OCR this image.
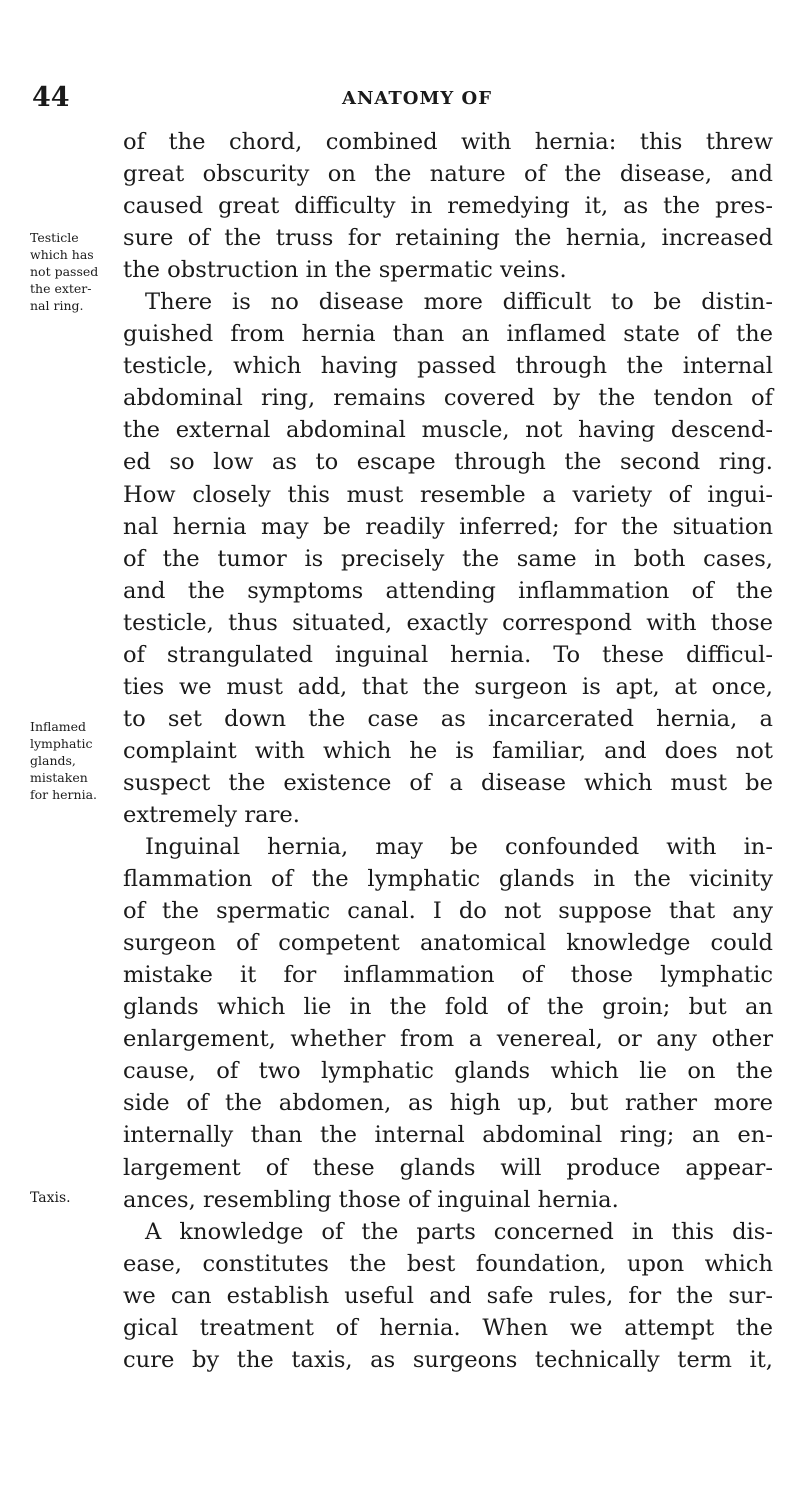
44	ANATOMY OF
Testicle
which has
not passed
the exter-
nal ring.
Inflamed
lymphatic
glands,
mistaken
for hernia.
Taxis.
of the chord, combined with hernia: this threw
great obscurity on the nature of the disease, and
caused great difficulty in remedying it, as the pres-
sure of the truss for retaining the hernia, increased
the obstruction in the spermatic veins.
There is no disease more difficult to be distin-
guished from hernia than an inflamed state of the
testicle, which having passed through the internal
abdominal ring, remains covered by the tendon of
the external abdominal muscle, not having descend-
ed so low as to escape through the second ring.
How closely this must resemble a variety of ingui-
nal hernia may be readily inferred; for the situation
of the tumor is precisely the same in both cases,
and the symptoms attending inflammation of the
testicle, thus situated, exactly correspond with those
of strangulated inguinal hernia. To these difficul-
ties we must add, that the surgeon is apt, at once,
to set down the case as incarcerated hernia, a
complaint with which he is familiar, and does not
suspect the existence of a disease which must be
extremely rare.
Inguinal hernia, may be confounded with in-
flammation of the lymphatic glands in the vicinity
of the spermatic canal. I do not suppose that any
surgeon of competent anatomical knowledge could
mistake it for inflammation of those lymphatic
glands which lie in the fold of the groin; but an
enlargement, whether from a venereal, or any other
cause, of two lymphatic glands which lie on the
side of the abdomen, as high up, but rather more
internally than the internal abdominal ring; an en-
largement of these glands will produce appear-
ances, resembling those of inguinal hernia.
A knowledge of the parts concerned in this dis-
ease, constitutes the best foundation, upon which
we can establish useful and safe rules, for the sur-
gical treatment of hernia. When we attempt the
cure by the taxis, as surgeons technically term it,
